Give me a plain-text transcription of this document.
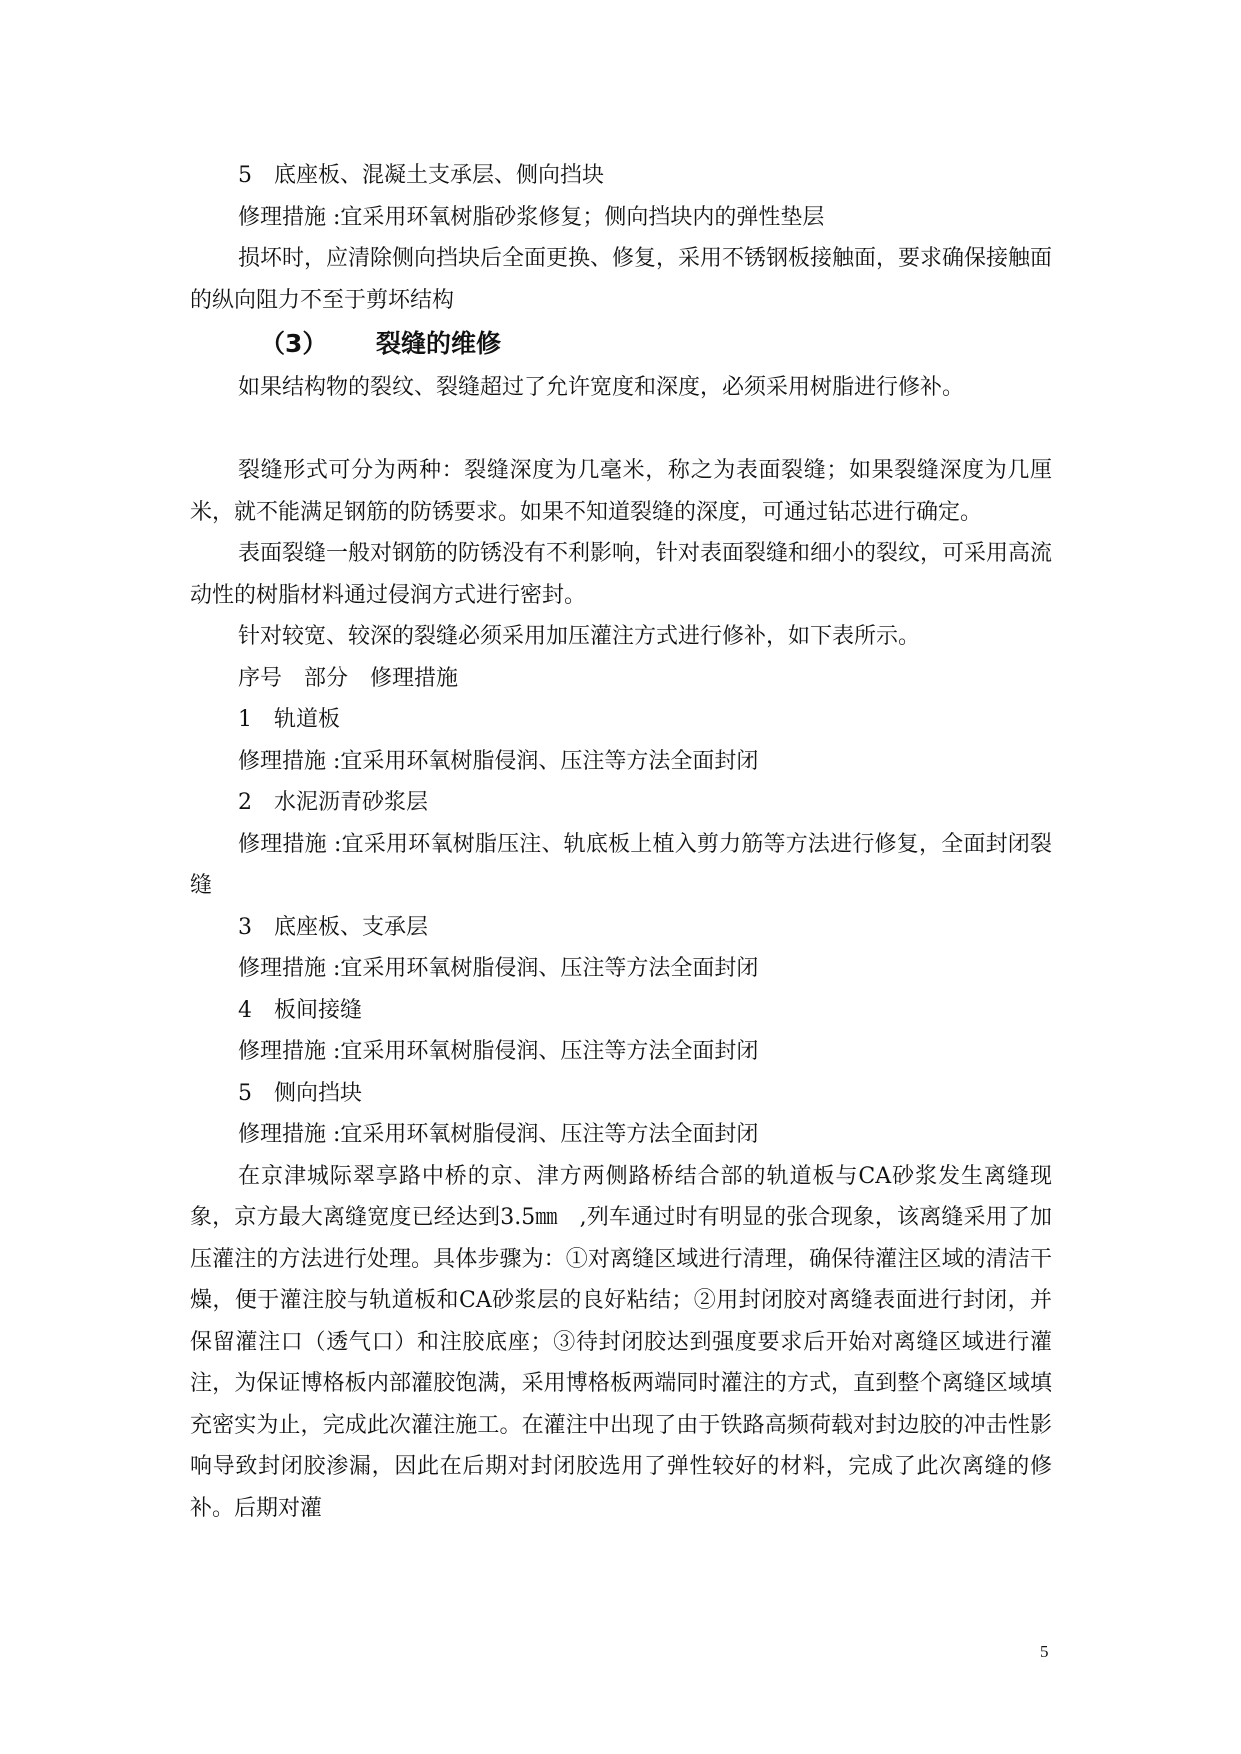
5　底座板、混凝土支承层、侧向挡块

修理措施 :宜采用环氧树脂砂浆修复；侧向挡块内的弹性垫层

损坏时，应清除侧向挡块后全面更换、修复，采用不锈钢板接触面，要求确保接触面的纵向阻力不至于剪坏结构

（3） 裂缝的维修

如果结构物的裂纹、裂缝超过了允许宽度和深度，必须采用树脂进行修补。

裂缝形式可分为两种：裂缝深度为几毫米，称之为表面裂缝；如果裂缝深度为几厘米，就不能满足钢筋的防锈要求。如果不知道裂缝的深度，可通过钻芯进行确定。

表面裂缝一般对钢筋的防锈没有不利影响，针对表面裂缝和细小的裂纹，可采用高流动性的树脂材料通过侵润方式进行密封。

针对较宽、较深的裂缝必须采用加压灌注方式进行修补，如下表所示。

序号　部分　修理措施

1　轨道板

修理措施 :宜采用环氧树脂侵润、压注等方法全面封闭

2　水泥沥青砂浆层

修理措施 :宜采用环氧树脂压注、轨底板上植入剪力筋等方法进行修复，全面封闭裂缝

3　底座板、支承层

修理措施 :宜采用环氧树脂侵润、压注等方法全面封闭

4　板间接缝

修理措施 :宜采用环氧树脂侵润、压注等方法全面封闭

5　侧向挡块

修理措施 :宜采用环氧树脂侵润、压注等方法全面封闭

在京津城际翠享路中桥的京、津方两侧路桥结合部的轨道板与CA砂浆发生离缝现象，京方最大离缝宽度已经达到3.5㎜　,列车通过时有明显的张合现象，该离缝采用了加压灌注的方法进行处理。具体步骤为：①对离缝区域进行清理，确保待灌注区域的清洁干燥，便于灌注胶与轨道板和CA砂浆层的良好粘结；②用封闭胶对离缝表面进行封闭，并保留灌注口（透气口）和注胶底座；③待封闭胶达到强度要求后开始对离缝区域进行灌注，为保证博格板内部灌胶饱满，采用博格板两端同时灌注的方式，直到整个离缝区域填充密实为止，完成此次灌注施工。在灌注中出现了由于铁路高频荷载对封边胶的冲击性影响导致封闭胶渗漏，因此在后期对封闭胶选用了弹性较好的材料，完成了此次离缝的修补。后期对灌

5
